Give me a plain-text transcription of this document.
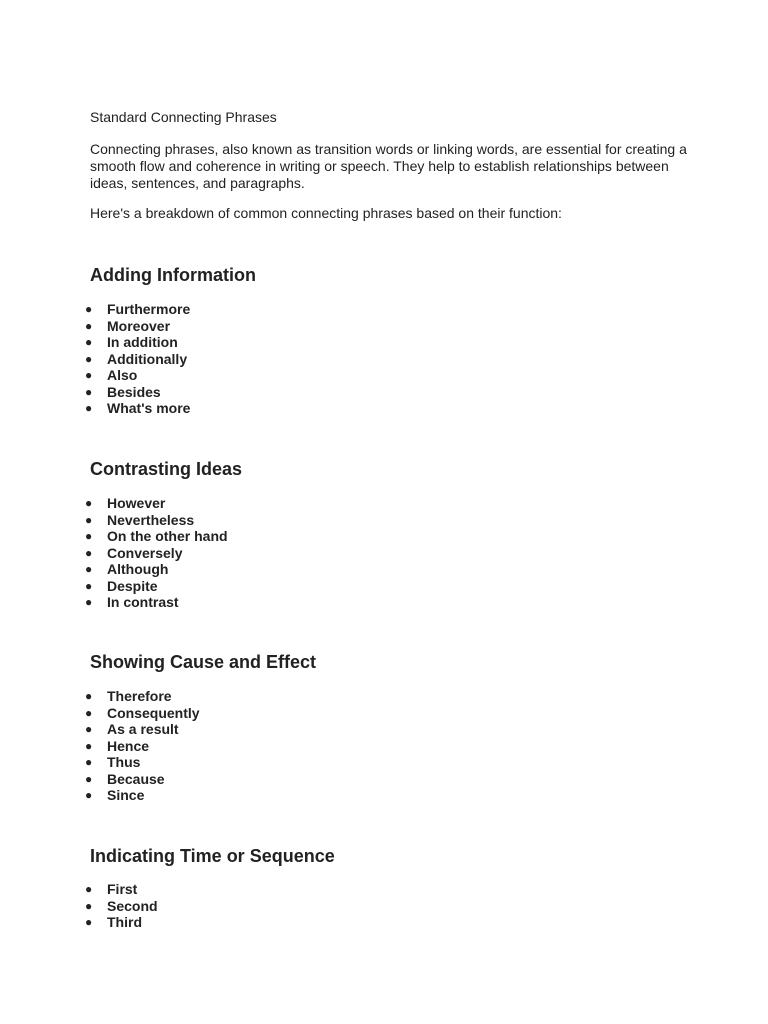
Standard Connecting Phrases

Connecting phrases, also known as transition words or linking words, are essential for creating a smooth flow and coherence in writing or speech. They help to establish relationships between ideas, sentences, and paragraphs.

Here's a breakdown of common connecting phrases based on their function:

Adding Information
● Furthermore
● Moreover
● In addition
● Additionally
● Also
● Besides
● What's more
Contrasting Ideas
● However
● Nevertheless
● On the other hand
● Conversely
● Although
● Despite
● In contrast
Showing Cause and Effect
● Therefore
● Consequently
● As a result
● Hence
● Thus
● Because
● Since
Indicating Time or Sequence
● First
● Second
● Third
